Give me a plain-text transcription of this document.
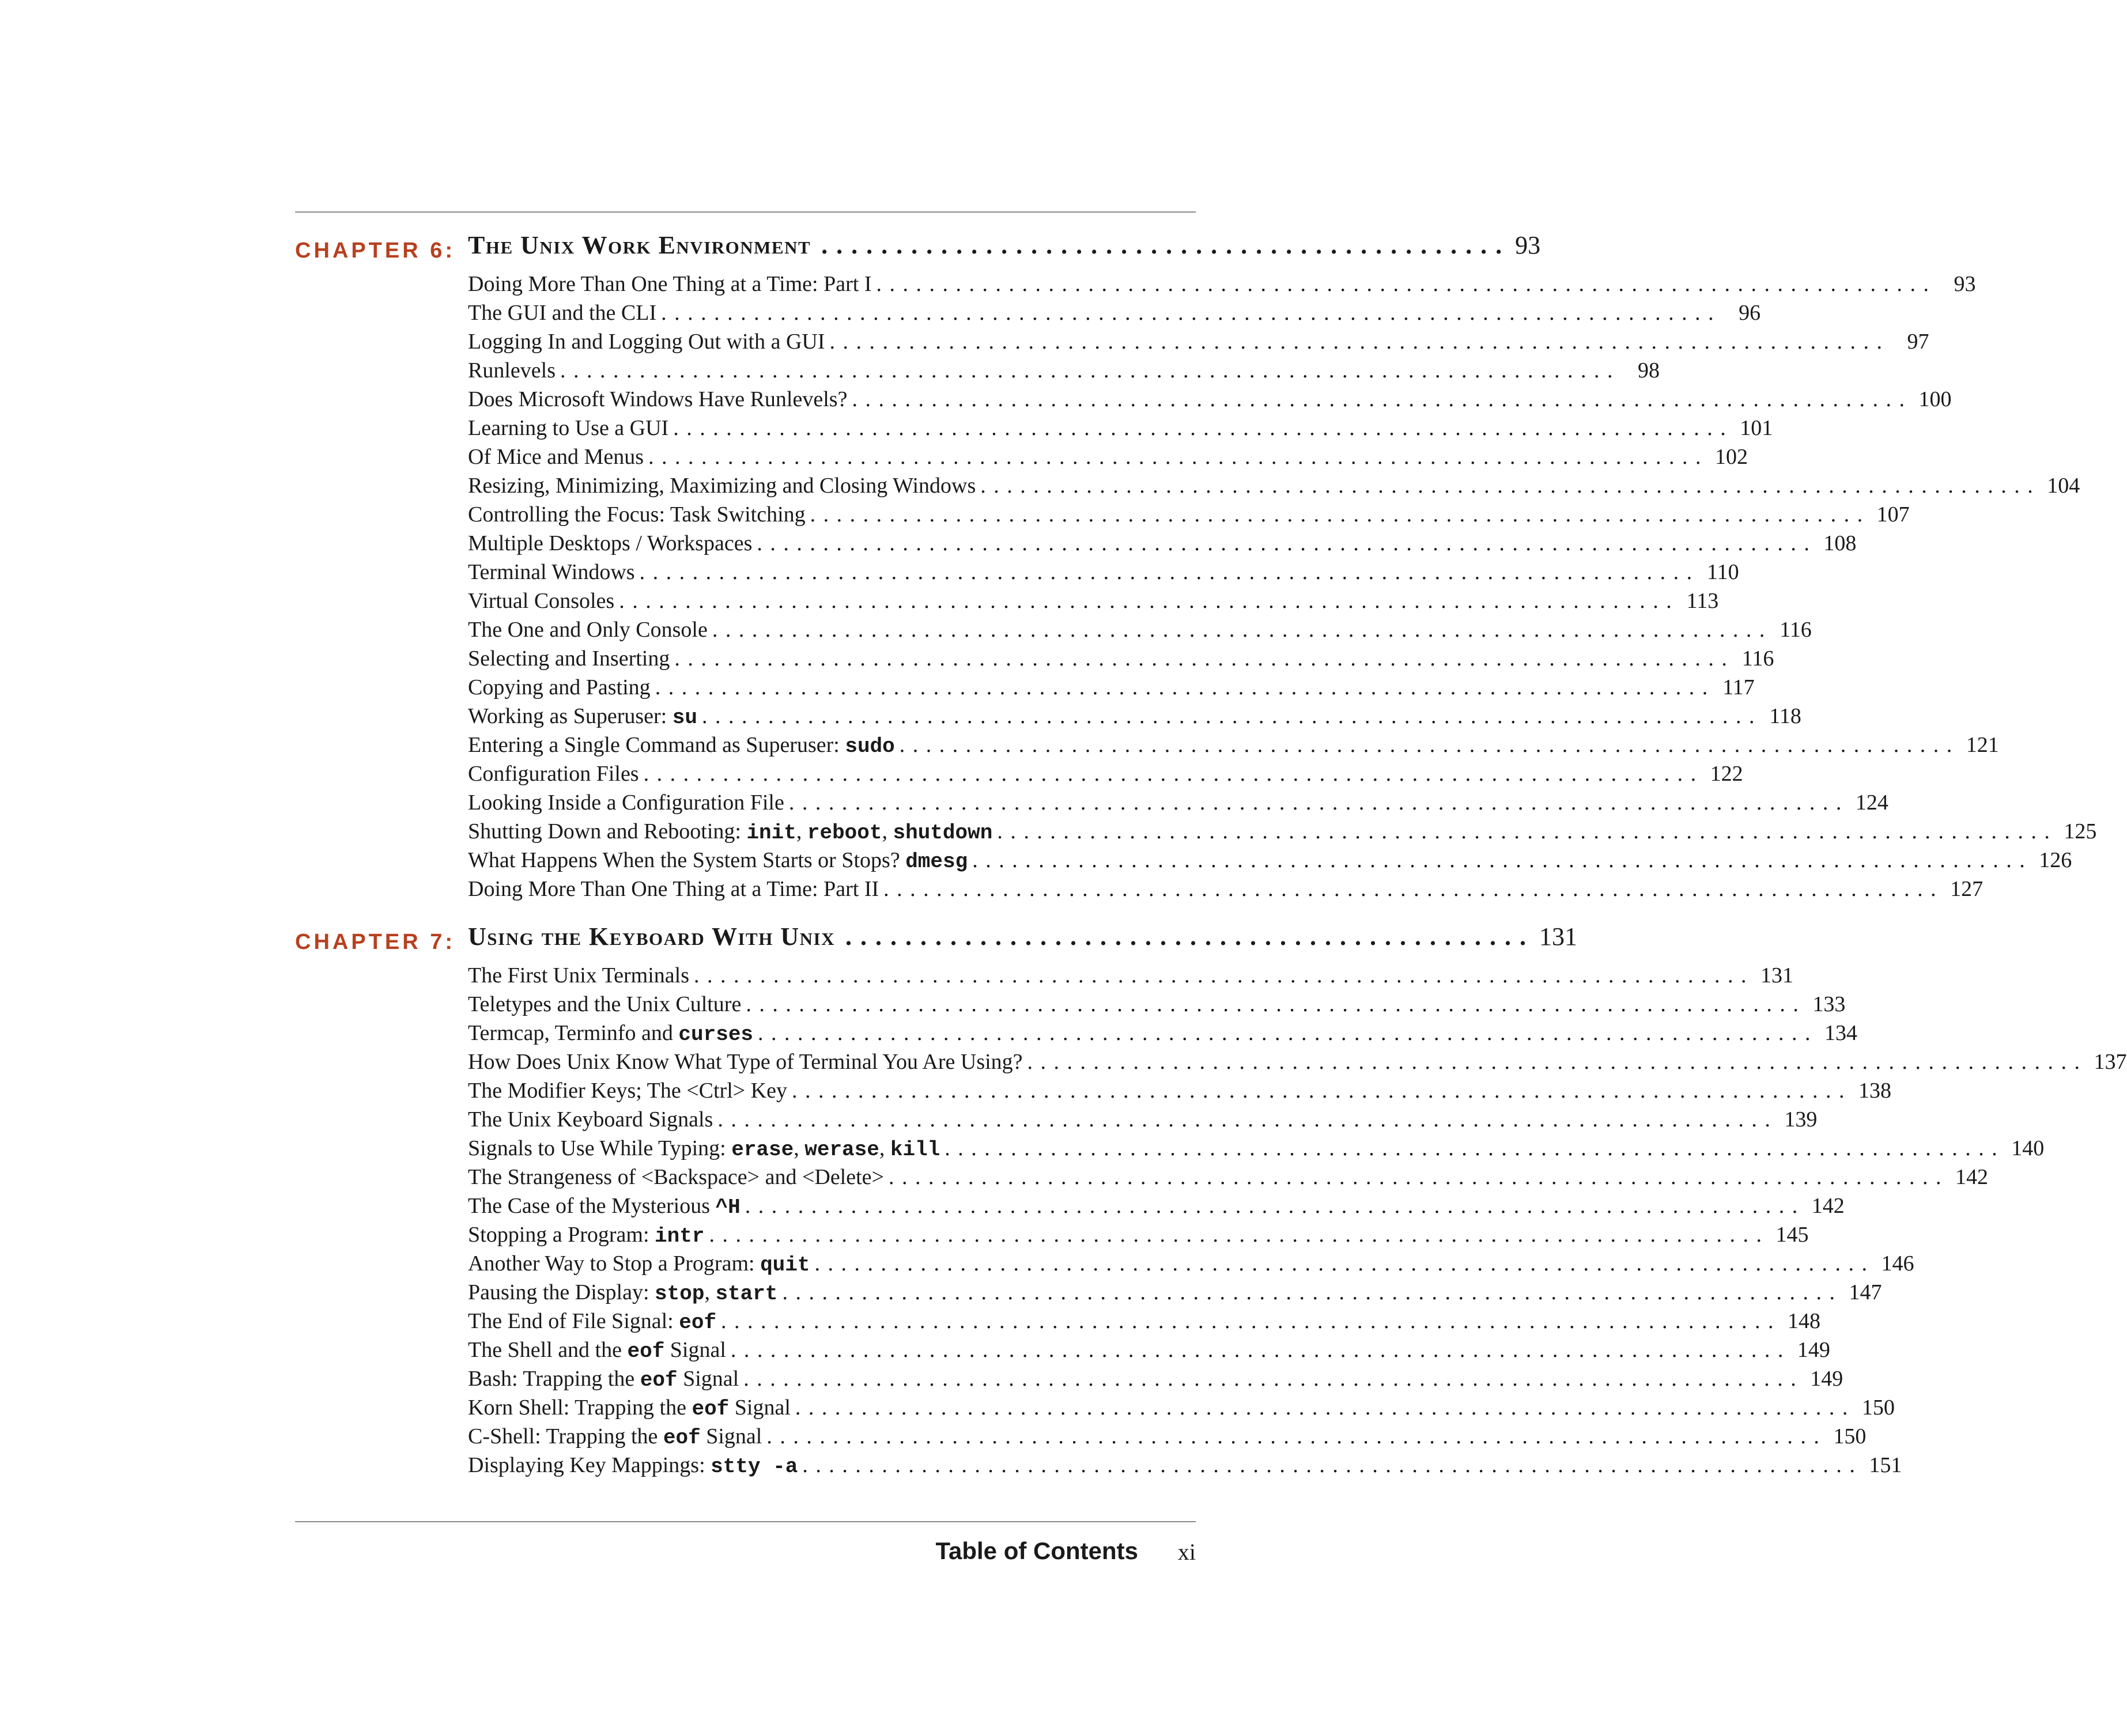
CHAPTER 6: The Unix Work Environment .............................................. 93
Doing More Than One Thing at a Time: Part I ................................................................................ 93
The GUI and the CLI ................................................................................ 96
Logging In and Logging Out with a GUI ................................................................................ 97
Runlevels ................................................................................ 98
Does Microsoft Windows Have Runlevels? ................................................................................ 100
Learning to Use a GUI ................................................................................ 101
Of Mice and Menus ................................................................................ 102
Resizing, Minimizing, Maximizing and Closing Windows ................................................................................ 104
Controlling the Focus: Task Switching ................................................................................ 107
Multiple Desktops / Workspaces ................................................................................ 108
Terminal Windows ................................................................................ 110
Virtual Consoles ................................................................................ 113
The One and Only Console ................................................................................ 116
Selecting and Inserting ................................................................................ 116
Copying and Pasting ................................................................................ 117
Working as Superuser: su ................................................................................ 118
Entering a Single Command as Superuser: sudo ................................................................................ 121
Configuration Files ................................................................................ 122
Looking Inside a Configuration File ................................................................................ 124
Shutting Down and Rebooting: init, reboot, shutdown ................................................................................ 125
What Happens When the System Starts or Stops? dmesg ................................................................................ 126
Doing More Than One Thing at a Time: Part II ................................................................................ 127
CHAPTER 7: Using the Keyboard With Unix .............................................. 131
The First Unix Terminals ................................................................................ 131
Teletypes and the Unix Culture ................................................................................ 133
Termcap, Terminfo and curses ................................................................................ 134
How Does Unix Know What Type of Terminal You Are Using? ................................................................................ 137
The Modifier Keys; The <Ctrl> Key ................................................................................ 138
The Unix Keyboard Signals ................................................................................ 139
Signals to Use While Typing: erase, werase, kill ................................................................................ 140
The Strangeness of <Backspace> and <Delete> ................................................................................ 142
The Case of the Mysterious ^H ................................................................................ 142
Stopping a Program: intr ................................................................................ 145
Another Way to Stop a Program: quit ................................................................................ 146
Pausing the Display: stop, start ................................................................................ 147
The End of File Signal: eof ................................................................................ 148
The Shell and the eof Signal ................................................................................ 149
Bash: Trapping the eof Signal ................................................................................ 149
Korn Shell: Trapping the eof Signal ................................................................................ 150
C-Shell: Trapping the eof Signal ................................................................................ 150
Displaying Key Mappings: stty -a ................................................................................ 151
Table of Contents xi
